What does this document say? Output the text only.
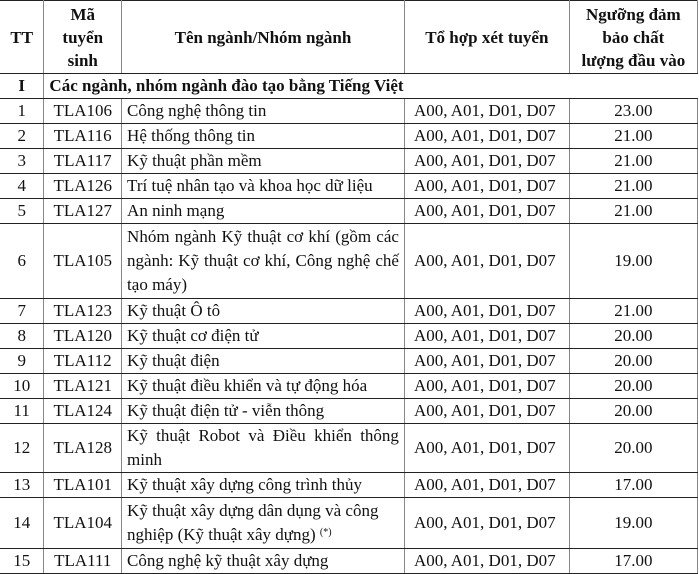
TT	Mã
tuyển
sinh	Tên ngành/Nhóm ngành	Tổ hợp xét tuyển	Ngưỡng đảm
bảo chất
lượng đầu vào
I	Các ngành, nhóm ngành đào tạo bằng Tiếng Việt			
1	TLA106	Công nghệ thông tin	A00, A01, D01, D07	23.00
2	TLA116	Hệ thống thông tin	A00, A01, D01, D07	21.00
3	TLA117	Kỹ thuật phần mềm	A00, A01, D01, D07	21.00
4	TLA126	Trí tuệ nhân tạo và khoa học dữ liệu	A00, A01, D01, D07	21.00
5	TLA127	An ninh mạng	A00, A01, D01, D07	21.00
6	TLA105	Nhóm ngành Kỹ thuật cơ khí (gồm các ngành: Kỹ thuật cơ khí, Công nghệ chế tạo máy)	A00, A01, D01, D07	19.00
7	TLA123	Kỹ thuật Ô tô	A00, A01, D01, D07	21.00
8	TLA120	Kỹ thuật cơ điện tử	A00, A01, D01, D07	20.00
9	TLA112	Kỹ thuật điện	A00, A01, D01, D07	20.00
10	TLA121	Kỹ thuật điều khiển và tự động hóa	A00, A01, D01, D07	20.00
11	TLA124	Kỹ thuật điện tử - viễn thông	A00, A01, D01, D07	20.00
12	TLA128	Kỹ thuật Robot và Điều khiển thông minh	A00, A01, D01, D07	20.00
13	TLA101	Kỹ thuật xây dựng công trình thủy	A00, A01, D01, D07	17.00
14	TLA104	Kỹ thuật xây dựng dân dụng và công nghiệp (Kỹ thuật xây dựng) (*)	A00, A01, D01, D07	19.00
15	TLA111	Công nghệ kỹ thuật xây dựng	A00, A01, D01, D07	17.00
